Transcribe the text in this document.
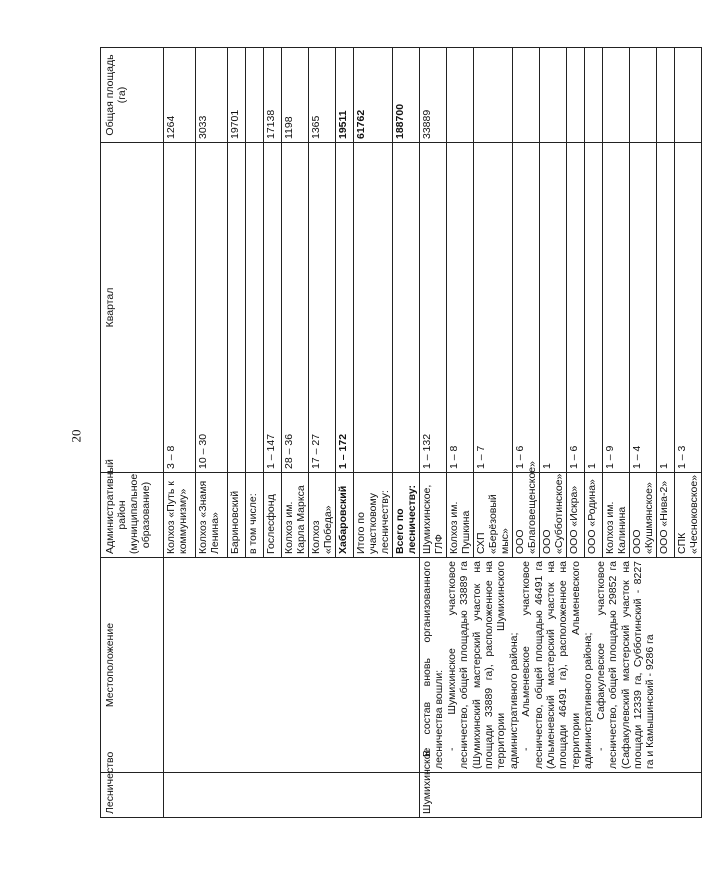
20
Лесничество	Местоположение	Административный район (муниципальное образование)	Квартал	Общая площадь (га)
		Колхоз «Путь к коммунизму»	3 – 8	1264
		Колхоз «Знамя Ленина»	10 – 30	3033
		Бариновский		19701
		в том числе:		
		Гослесфонд	1 – 147	17138
		Колхоз им. Карла Маркса	28 – 36	1198
		Колхоз «Победа»	17 – 27	1365
		Хабаровский	1 – 172	19511
		Итого по участковому лесничеству:		61762
		Всего по лесничеству:		188700
Шумихинское	В состав вновь организованного лесничества вошли: - Шумихинское участковое лесничество, общей площадью 33889 га (Шумихинский мастерский участок на площади 33889 га), расположенное на территории Шумихинского административного района; - Альменевское участковое лесничество, общей площадью 46491 га (Альменевский мастерский участок на площади 46491 га), расположенное на территории Альменевского административного района; - Сафакулевское участковое лесничество, общей площадью 29852 га (Сафакулевский мастерский участок на площади 12339 га, Субботинский - 8227 га и Камышинский - 9286 га	Шумихинское, ГЛФ	1 – 132	33889
		Колхоз им. Пушкина	1 – 8	
		СХП «Берёзовый мыс»	1 – 7	
		ООО «Благовещенское»	1 – 6	
		ООО «Субботинское»	1	
		ООО «Искра»	1 – 6	
		ООО «Родина»	1	
		Колхоз им. Калинина	1 – 9	
		ООО «Кушмянское»	1 – 4	
		ООО «Нива-2»	1	
		СПК «Чесноковское»	1 – 3	
